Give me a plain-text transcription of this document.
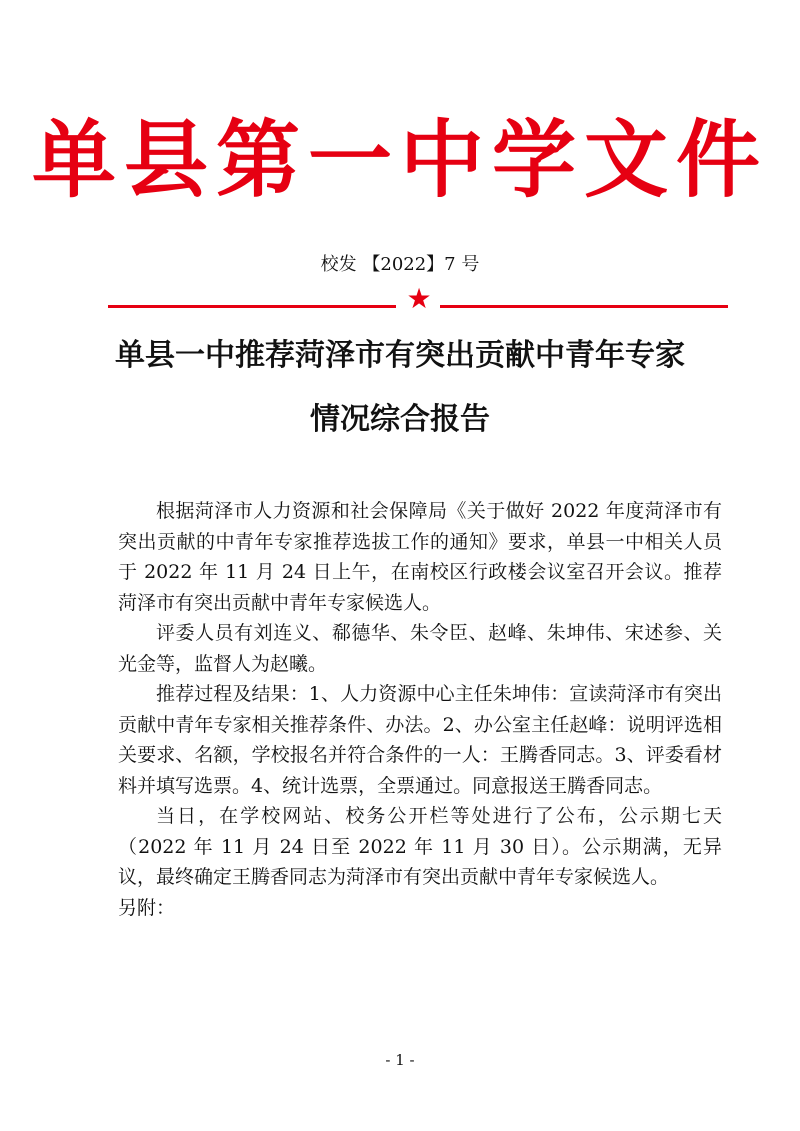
单县第一中学文件
校发 【2022】7 号
★
单县一中推荐菏泽市有突出贡献中青年专家
情况综合报告

根据菏泽市人力资源和社会保障局《关于做好 2022 年度菏泽市有突出贡献的中青年专家推荐选拔工作的通知》要求，单县一中相关人员于 2022 年 11 月 24 日上午，在南校区行政楼会议室召开会议。推荐菏泽市有突出贡献中青年专家候选人。

评委人员有刘连义、郗德华、朱令臣、赵峰、朱坤伟、宋述参、关光金等，监督人为赵曦。

推荐过程及结果：1、人力资源中心主任朱坤伟：宣读菏泽市有突出贡献中青年专家相关推荐条件、办法。2、办公室主任赵峰：说明评选相关要求、名额，学校报名并符合条件的一人：王腾香同志。3、评委看材料并填写选票。4、统计选票，全票通过。同意报送王腾香同志。

当日，在学校网站、校务公开栏等处进行了公布，公示期七天（2022 年 11 月 24 日至 2022 年 11 月 30 日）。公示期满，无异议，最终确定王腾香同志为菏泽市有突出贡献中青年专家候选人。

另附：

- 1 -
